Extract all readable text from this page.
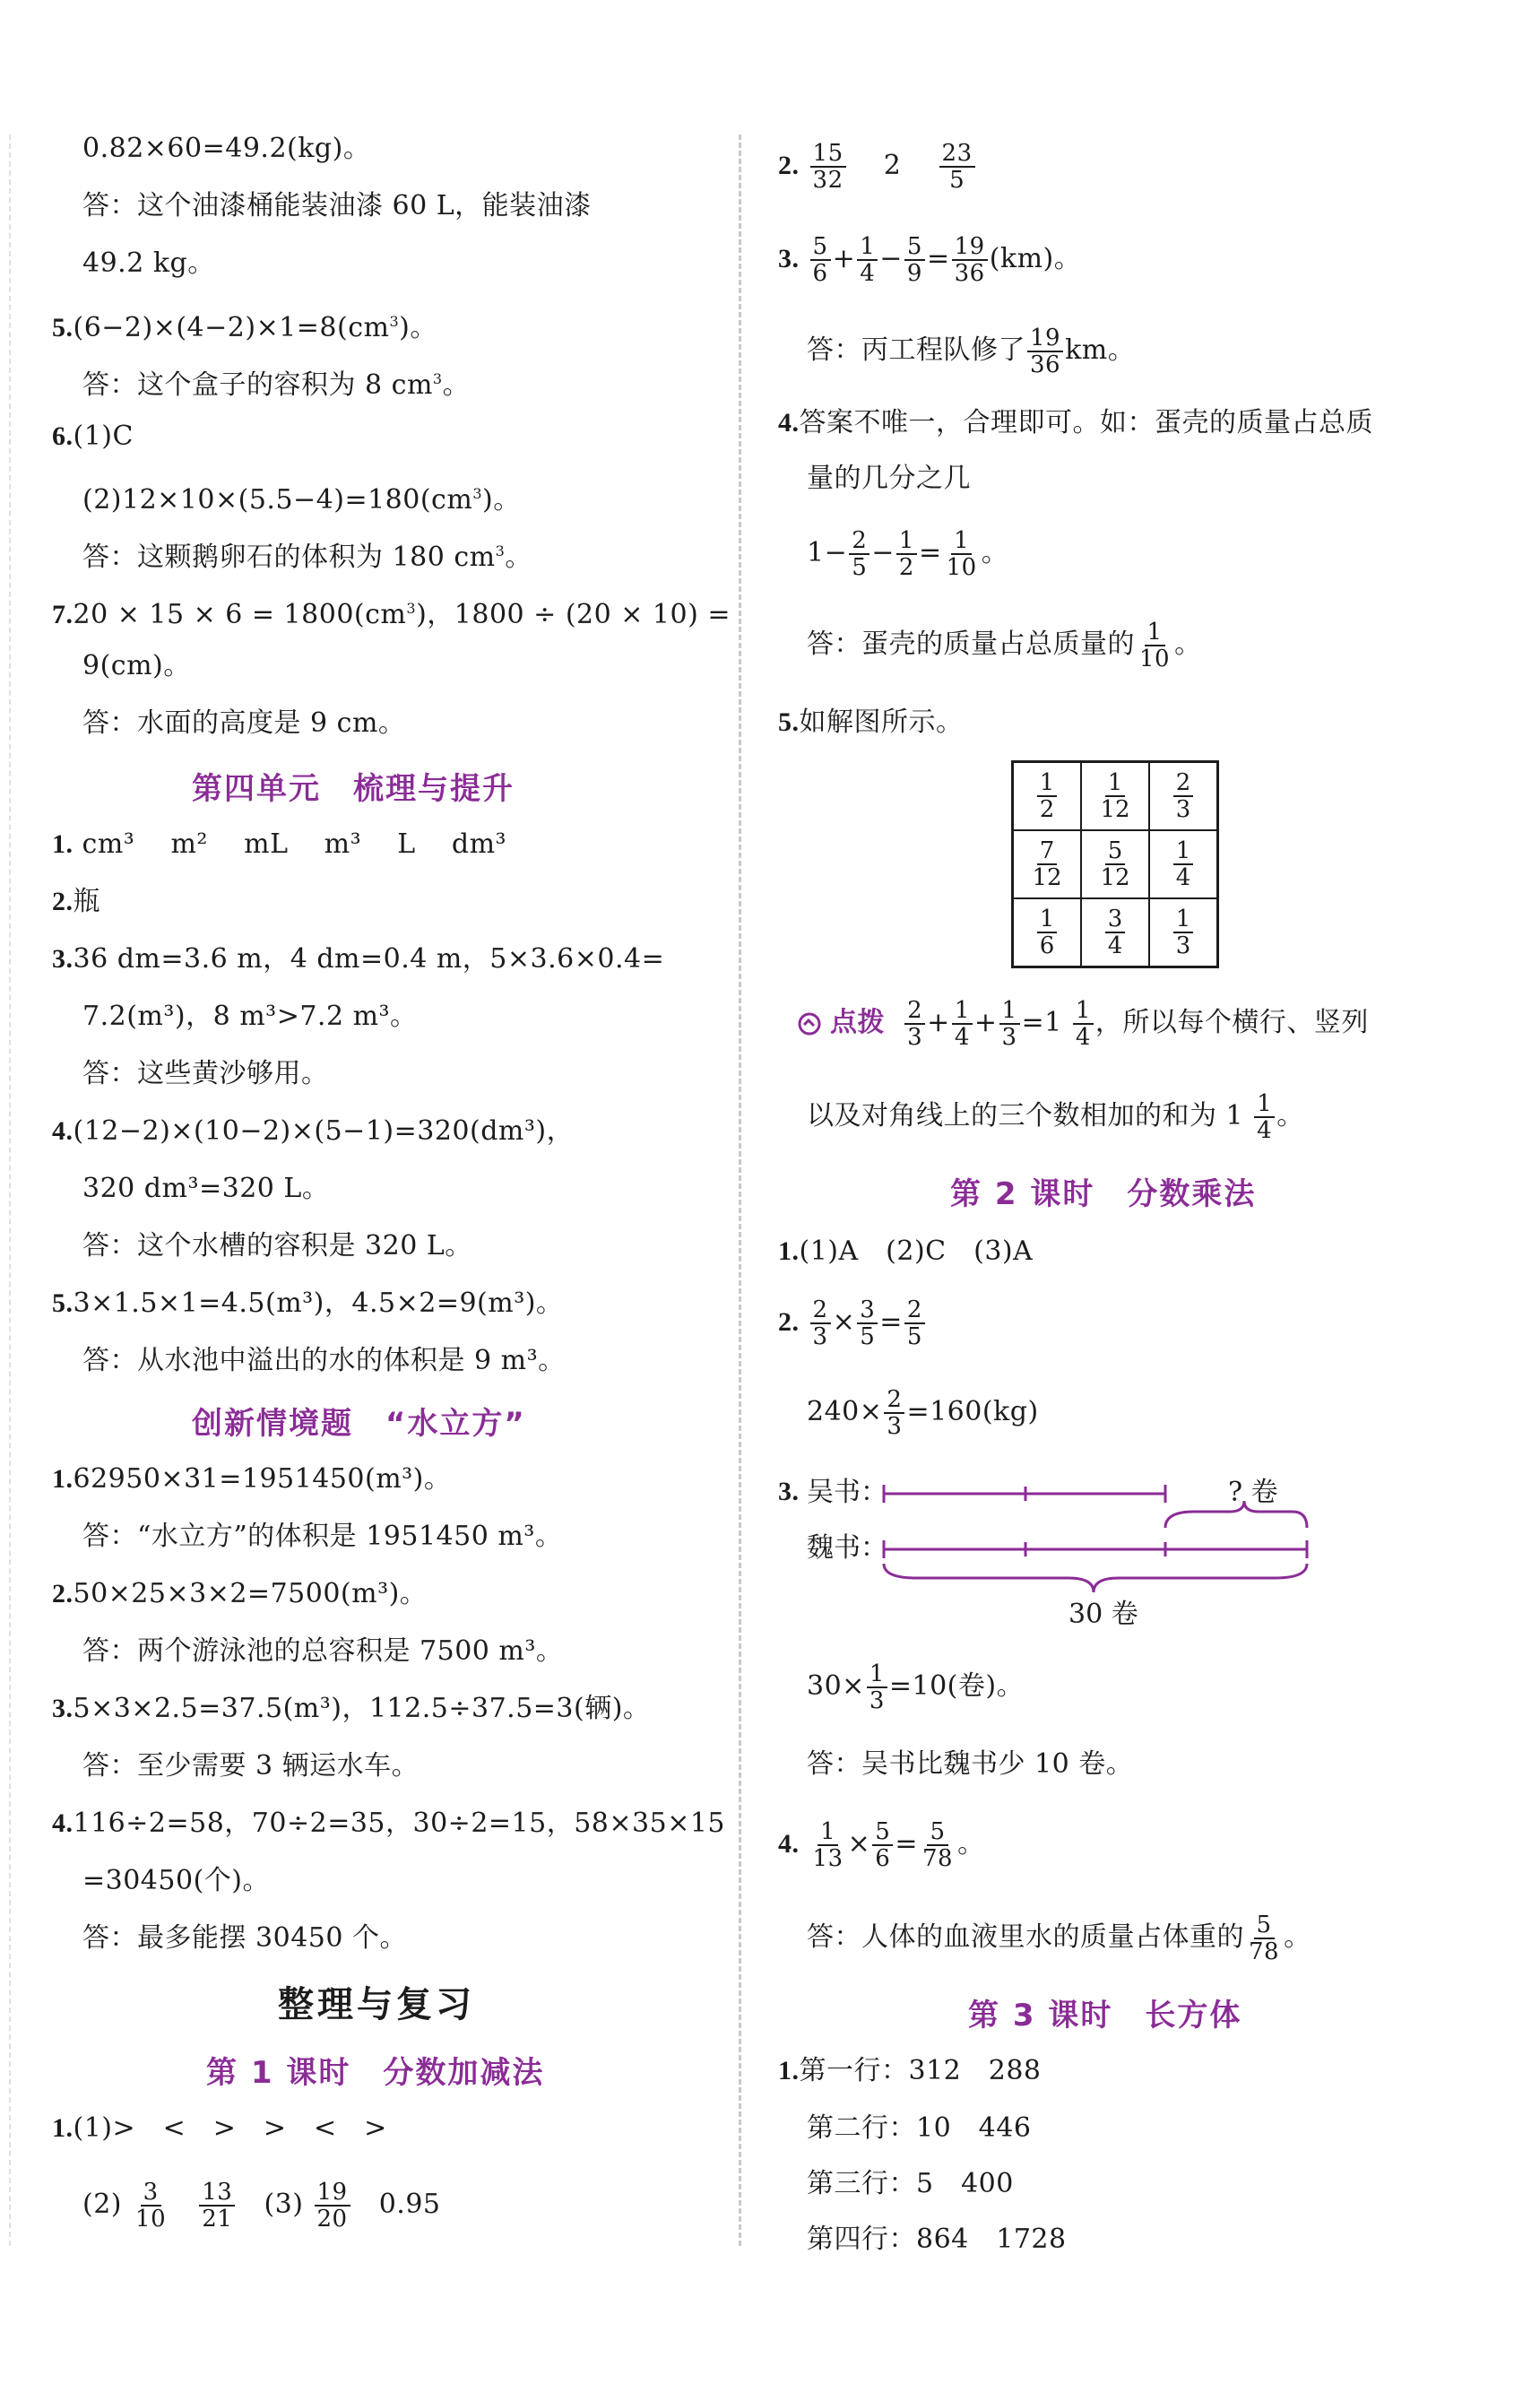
0.82×60=49.2(kg)。
答：这个油漆桶能装油漆 60 L，能装油漆
49.2 kg。
$5.(6-2)\times(4-2)\times 1=8(cm^3)$。
答：这个盒子的容积为 8 $cm^3$。
6.(1)C
$(2)12\times 10\times(5.5-4)=180(cm^3)$。
答：这颗鹅卵石的体积为 180 $cm^3$。
$7.20 \times 15 \times 6 = 1800(cm^3)$，1800 ÷ (20 × 10) =
9(cm)。
答：水面的高度是 9 cm。
第四单元　梳理与提升
1. cm³ m² mL m³ L dm³
2.瓶
3.36 dm=3.6 m，4 dm=0.4 m，5×3.6×0.4=
7.2(m³)，8 m³>7.2 m³。
答：这些黄沙够用。
4.(12−2)×(10−2)×(5−1)=320(dm³)，
320 dm³=320 L。
答：这个水槽的容积是 320 L。
5.3×1.5×1=4.5(m³)，4.5×2=9(m³)。
答：从水池中溢出的水的体积是 9 m³。
创新情境题　“水立方”
1.62950×31=1951450(m³)。
答：“水立方”的体积是 1951450 m³。
2.50×25×3×2=7500(m³)。
答：两个游泳池的总容积是 7500 m³。
3.5×3×2.5=37.5(m³)，112.5÷37.5=3(辆)。
答：至少需要 3 辆运水车。
4.116÷2=58，70÷2=35，30÷2=15，58×35×15
=30450(个)。
答：最多能摆 30450 个。
整理与复习
第 1 课时　分数加减法
1.(1)>　<　>　>　<　>
$(2) \frac{3}{10}$
$\frac{13}{21} (3) \frac{19}{20} 0.95$
2. $\frac{15}{32} 2 \frac{23}{5}$
3. $\frac{5}{6} + \frac{1}{4} - \frac{5}{9} = \frac{19}{36} (km)$。
答：丙工程队修了 $\frac{19}{36}$ km。
4.答案不唯一，合理即可。如：蛋壳的质量占总质
量的几分之几
$1- \frac{2}{5} - \frac{1}{2} = \frac{1}{10}$ 。
答：蛋壳的质量占总质量的 $\frac{1}{10}$ 。
5.如解图所示。
$\frac{1}{2}$	$\frac{1}{12}$	$\frac{2}{3}$

$\frac{7}{12}$	$\frac{5}{12}$	$\frac{1}{4}$

$\frac{1}{6}$	$\frac{3}{4}$	$\frac{1}{3}$
点拨 $\frac{2}{3} + \frac{1}{4} + \frac{1}{3} =1 \frac{1}{4}$ ，所以每个横行、竖列
以及对角线上的三个数相加的和为 $1 \frac{1}{4}$ 。
第 2 课时　分数乘法
1.(1)A　(2)C　(3)A
2. $\frac{2}{3} \times \frac{3}{5} = \frac{2}{5}$
$240\times \frac{2}{3} =160(kg)$
3. 吴书：	? 卷
魏书：
30 卷
$30\times \frac{1}{3} =10$(卷)。
答：吴书比魏书少 10 卷。
4. $\frac{1}{13} \times \frac{5}{6} = \frac{5}{78}$ 。
答：人体的血液里水的质量占体重的 $\frac{5}{78}$ 。
第 3 课时　长方体
1.第一行：312　288
第二行：10　446
第三行：5　400
第四行：864　1728
